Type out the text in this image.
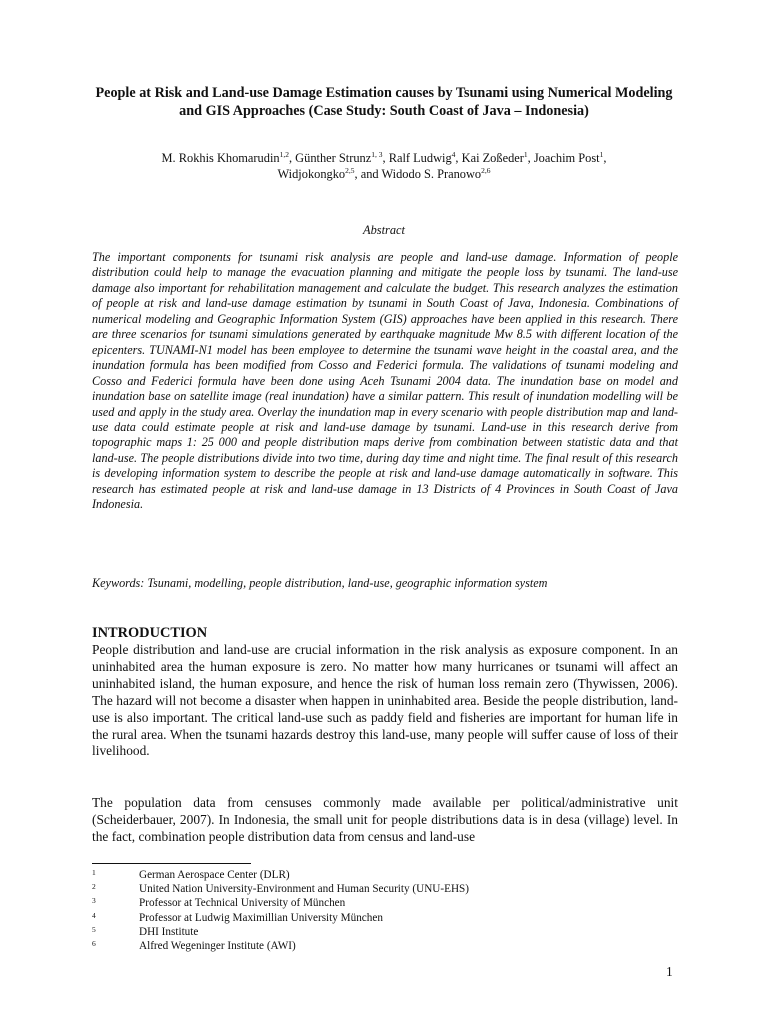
People at Risk and Land-use Damage Estimation causes by Tsunami using Numerical Modeling and GIS Approaches (Case Study: South Coast of Java – Indonesia)
M. Rokhis Khomarudin$^{1,2}$, Günther Strunz$^{1, 3}$, Ralf Ludwig$^4$, Kai Zoßeder$^1$, Joachim Post$^1$,
Widjokongko$^{2,5}$, and Widodo S. Pranowo$^{2,6}$
Abstract

The important components for tsunami risk analysis are people and land-use damage. Information of people distribution could help to manage the evacuation planning and mitigate the people loss by tsunami. The land-use damage also important for rehabilitation management and calculate the budget. This research analyzes the estimation of people at risk and land-use damage estimation by tsunami in South Coast of Java, Indonesia. Combinations of numerical modeling and Geographic Information System (GIS) approaches have been applied in this research. There are three scenarios for tsunami simulations generated by earthquake magnitude Mw 8.5 with different location of the epicenters. TUNAMI-N1 model has been employee to determine the tsunami wave height in the coastal area, and the inundation formula has been modified from Cosso and Federici formula. The validations of tsunami modeling and Cosso and Federici formula have been done using Aceh Tsunami 2004 data. The inundation base on model and inundation base on satellite image (real inundation) have a similar pattern. This result of inundation modelling will be used and apply in the study area. Overlay the inundation map in every scenario with people distribution map and land-use data could estimate people at risk and land-use damage by tsunami. Land-use in this research derive from topographic maps 1: 25 000 and people distribution maps derive from combination between statistic data and that land-use. The people distributions divide into two time, during day time and night time. The final result of this research is developing information system to describe the people at risk and land-use damage automatically in software. This research has estimated people at risk and land-use damage in 13 Districts of 4 Provinces in South Coast of Java Indonesia.

Keywords: Tsunami, modelling, people distribution, land-use, geographic information system

INTRODUCTION

People distribution and land-use are crucial information in the risk analysis as exposure component. In an uninhabited area the human exposure is zero. No matter how many hurricanes or tsunami will affect an uninhabited island, the human exposure, and hence the risk of human loss remain zero (Thywissen, 2006). The hazard will not become a disaster when happen in uninhabited area. Beside the people distribution, land-use is also important. The critical land-use such as paddy field and fisheries are important for human life in the rural area. When the tsunami hazards destroy this land-use, many people will suffer cause of loss of their livelihood.

The population data from censuses commonly made available per political/administrative unit (Scheiderbauer, 2007). In Indonesia, the small unit for people distributions data is in desa (village) level. In the fact, combination people distribution data from census and land-use

1	German Aerospace Center (DLR)
2	United Nation University-Environment and Human Security (UNU-EHS)
3	Professor at Technical University of München
4	Professor at Ludwig Maximillian University München
5	DHI Institute
6	Alfred Wegeninger Institute (AWI)
1
